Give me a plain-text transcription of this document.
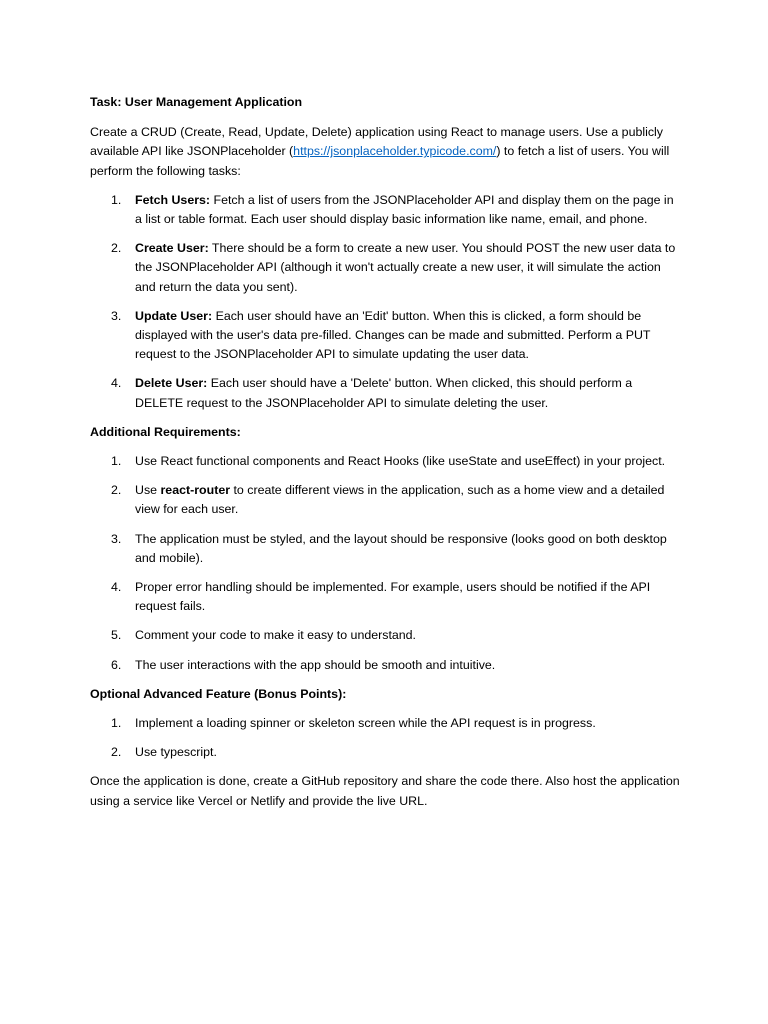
Task: User Management Application

Create a CRUD (Create, Read, Update, Delete) application using React to manage users. Use a publicly available API like JSONPlaceholder (https://jsonplaceholder.typicode.com/) to fetch a list of users. You will perform the following tasks:

1. Fetch Users: Fetch a list of users from the JSONPlaceholder API and display them on the page in a list or table format. Each user should display basic information like name, email, and phone.
2. Create User: There should be a form to create a new user. You should POST the new user data to the JSONPlaceholder API (although it won't actually create a new user, it will simulate the action and return the data you sent).
3. Update User: Each user should have an 'Edit' button. When this is clicked, a form should be displayed with the user's data pre-filled. Changes can be made and submitted. Perform a PUT request to the JSONPlaceholder API to simulate updating the user data.
4. Delete User: Each user should have a 'Delete' button. When clicked, this should perform a DELETE request to the JSONPlaceholder API to simulate deleting the user.

Additional Requirements:

1. Use React functional components and React Hooks (like useState and useEffect) in your project.
2. Use react-router to create different views in the application, such as a home view and a detailed view for each user.
3. The application must be styled, and the layout should be responsive (looks good on both desktop and mobile).
4. Proper error handling should be implemented. For example, users should be notified if the API request fails.
5. Comment your code to make it easy to understand.
6. The user interactions with the app should be smooth and intuitive.

Optional Advanced Feature (Bonus Points):

1. Implement a loading spinner or skeleton screen while the API request is in progress.
2. Use typescript.

Once the application is done, create a GitHub repository and share the code there. Also host the application using a service like Vercel or Netlify and provide the live URL.
